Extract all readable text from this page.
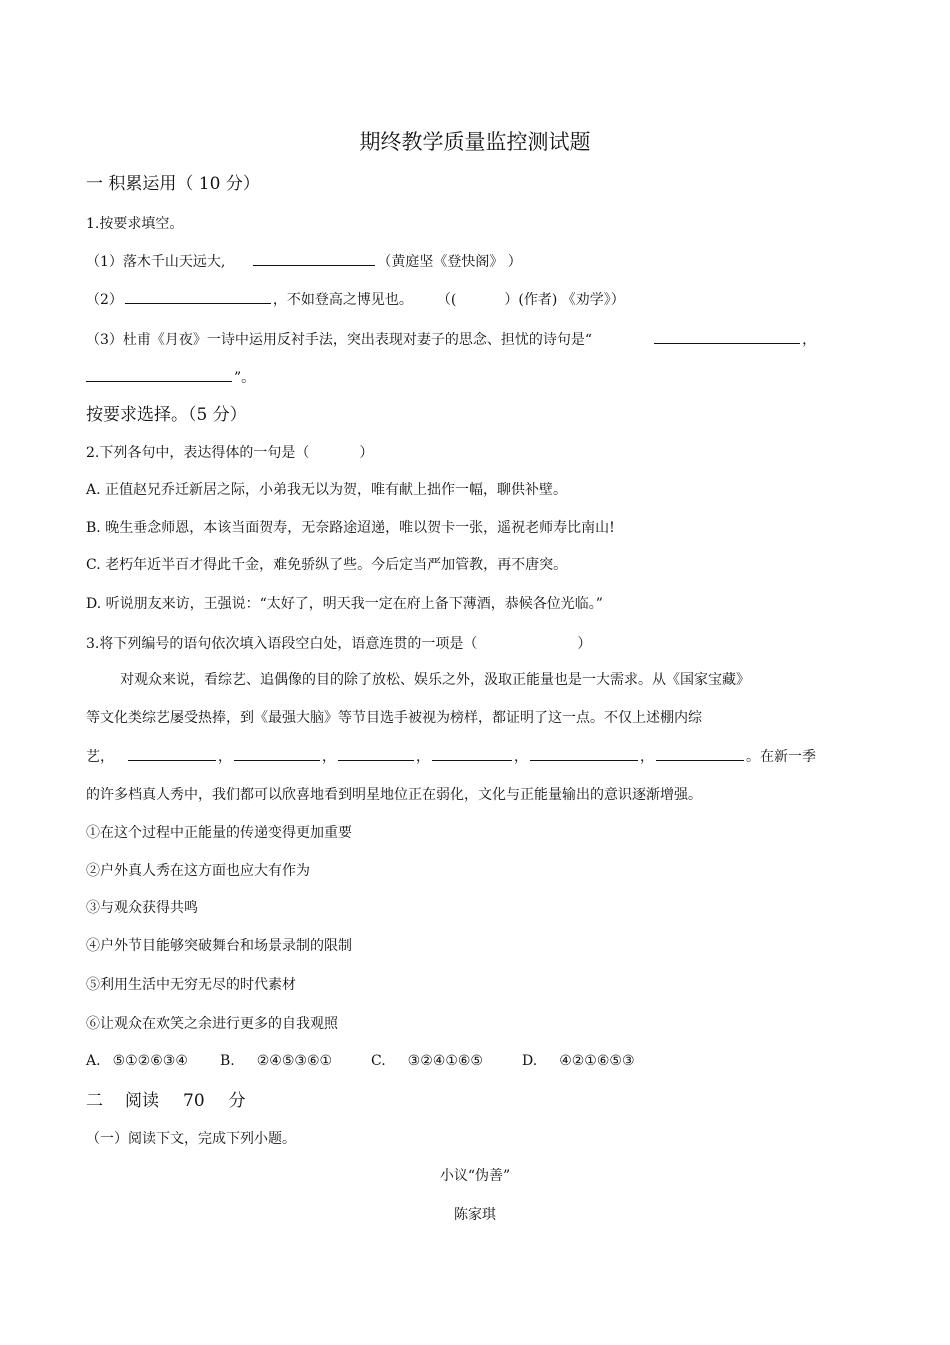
期终教学质量监控测试题
一 积累运用（ 10 分）
1.按要求填空。
（1）落木千山天远大,	（黄庭坚《登快阁》 ）
（2）	，不如登高之博见也。 （(	）(作者) 《劝学》）
（3）杜甫《月夜》一诗中运用反衬手法，突出表现对妻子的思念、担忧的诗句是“	，
”。
按要求选择。（5 分）
2.下列各句中，表达得体的一句是（	）
A. 正值赵兄乔迁新居之际，小弟我无以为贺，唯有献上拙作一幅，聊供补壁。
B. 晚生垂念师恩，本该当面贺寿，无奈路途迢递，唯以贺卡一张，遥祝老师寿比南山!
C. 老朽年近半百才得此千金，难免骄纵了些。今后定当严加管教，再不唐突。
D. 听说朋友来访，王强说：“太好了，明天我一定在府上备下薄酒，恭候各位光临。”
3.将下列编号的语句依次填入语段空白处，语意连贯的一项是（	）
对观众来说，看综艺、追偶像的目的除了放松、娱乐之外，汲取正能量也是一大需求。从《国家宝藏》
等文化类综艺屡受热捧，到《最强大脑》等节目选手被视为榜样，都证明了这一点。不仅上述棚内综
艺，	，	，	，	，	，	。在新一季
的许多档真人秀中，我们都可以欣喜地看到明星地位正在弱化，文化与正能量输出的意识逐渐增强。
①在这个过程中正能量的传递变得更加重要
②户外真人秀在这方面也应大有作为
③与观众获得共鸣
④户外节目能够突破舞台和场景录制的限制
⑤利用生活中无穷无尽的时代素材
⑥让观众在欢笑之余进行更多的自我观照
A. ⑤①②⑥③④ B. ②④⑤③⑥①	C. ③②④①⑥⑤	D. ④②①⑥⑤③
二 阅读 70 分
（一）阅读下文，完成下列小题。
小议“伪善”
陈家琪
